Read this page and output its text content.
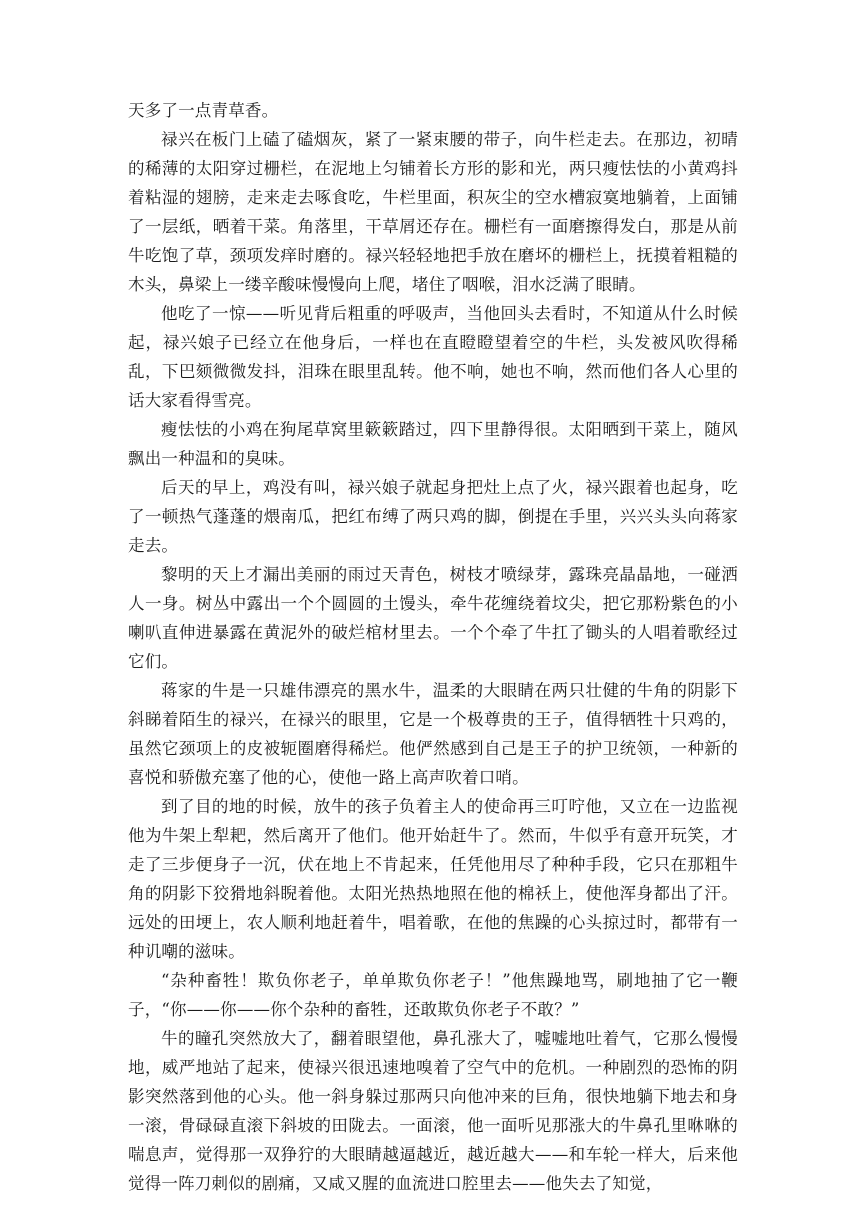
天多了一点青草香。

禄兴在板门上磕了磕烟灰，紧了一紧束腰的带子，向牛栏走去。在那边，初晴的稀薄的太阳穿过栅栏，在泥地上匀铺着长方形的影和光，两只瘦怯怯的小黄鸡抖着粘湿的翅膀，走来走去啄食吃，牛栏里面，积灰尘的空水槽寂寞地躺着，上面铺了一层纸，晒着干菜。角落里，干草屑还存在。栅栏有一面磨擦得发白，那是从前牛吃饱了草，颈项发痒时磨的。禄兴轻轻地把手放在磨坏的栅栏上，抚摸着粗糙的木头，鼻梁上一缕辛酸味慢慢向上爬，堵住了咽喉，泪水泛满了眼睛。

他吃了一惊——听见背后粗重的呼吸声，当他回头去看时，不知道从什么时候起，禄兴娘子已经立在他身后，一样也在直瞪瞪望着空的牛栏，头发被风吹得稀乱，下巴颏微微发抖，泪珠在眼里乱转。他不响，她也不响，然而他们各人心里的话大家看得雪亮。

瘦怯怯的小鸡在狗尾草窝里簌簌踏过，四下里静得很。太阳晒到干菜上，随风飘出一种温和的臭味。

后天的早上，鸡没有叫，禄兴娘子就起身把灶上点了火，禄兴跟着也起身，吃了一顿热气蓬蓬的煨南瓜，把红布缚了两只鸡的脚，倒提在手里，兴兴头头向蒋家走去。

黎明的天上才漏出美丽的雨过天青色，树枝才喷绿芽，露珠亮晶晶地，一碰洒人一身。树丛中露出一个个圆圆的土馒头，牵牛花缠绕着坟尖，把它那粉紫色的小喇叭直伸进暴露在黄泥外的破烂棺材里去。一个个牵了牛扛了锄头的人唱着歌经过它们。

蒋家的牛是一只雄伟漂亮的黑水牛，温柔的大眼睛在两只壮健的牛角的阴影下斜睇着陌生的禄兴，在禄兴的眼里，它是一个极尊贵的王子，值得牺牲十只鸡的，虽然它颈项上的皮被轭圈磨得稀烂。他俨然感到自己是王子的护卫统领，一种新的喜悦和骄傲充塞了他的心，使他一路上高声吹着口哨。

到了目的地的时候，放牛的孩子负着主人的使命再三叮咛他，又立在一边监视他为牛架上犁耙，然后离开了他们。他开始赶牛了。然而，牛似乎有意开玩笑，才走了三步便身子一沉，伏在地上不肯起来，任凭他用尽了种种手段，它只在那粗牛角的阴影下狡猾地斜睨着他。太阳光热热地照在他的棉袄上，使他浑身都出了汗。远处的田埂上，农人顺利地赶着牛，唱着歌，在他的焦躁的心头掠过时，都带有一种讥嘲的滋味。

“杂种畜牲！欺负你老子，单单欺负你老子！”他焦躁地骂，刷地抽了它一鞭子，“你——你——你个杂种的畜牲，还敢欺负你老子不敢？”

牛的瞳孔突然放大了，翻着眼望他，鼻孔涨大了，嘘嘘地吐着气，它那么慢慢地，威严地站了起来，使禄兴很迅速地嗅着了空气中的危机。一种剧烈的恐怖的阴影突然落到他的心头。他一斜身躲过那两只向他冲来的巨角，很快地躺下地去和身一滚，骨碌碌直滚下斜坡的田陇去。一面滚，他一面听见那涨大的牛鼻孔里咻咻的喘息声，觉得那一双狰狞的大眼睛越逼越近，越近越大——和车轮一样大，后来他觉得一阵刀刺似的剧痛，又咸又腥的血流进口腔里去——他失去了知觉，
